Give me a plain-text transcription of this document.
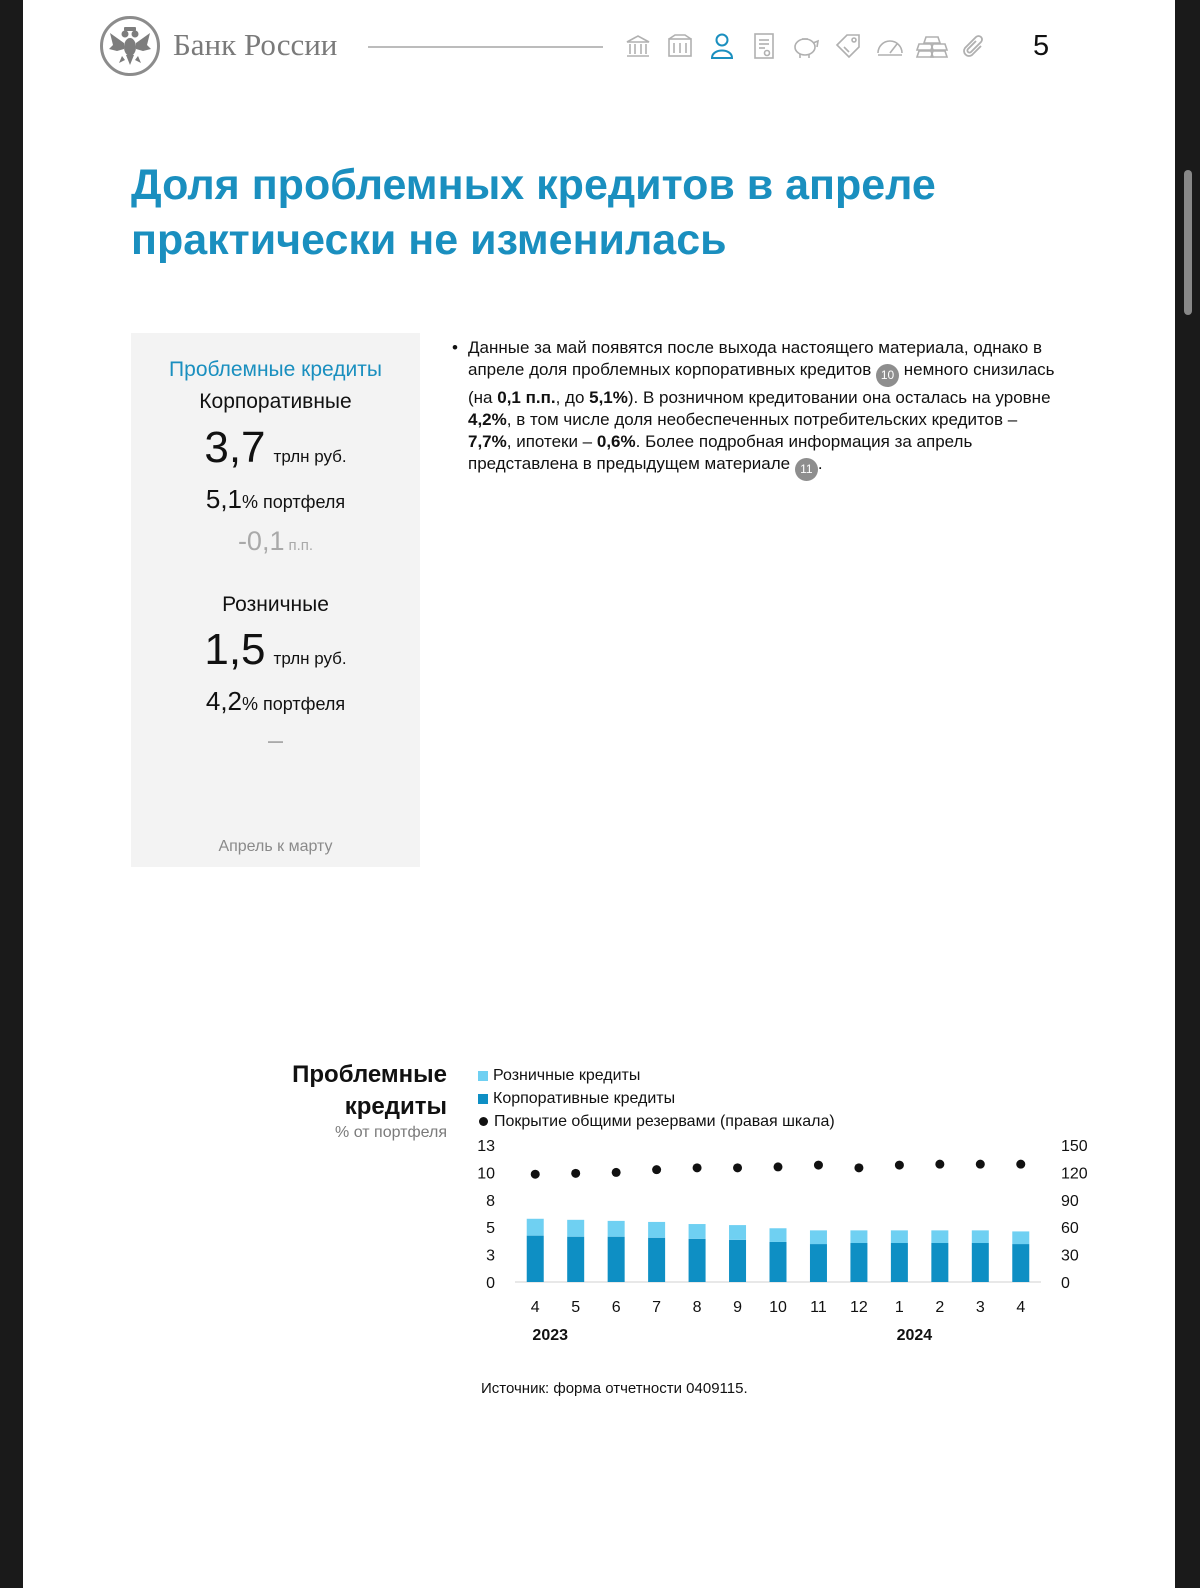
Банк России	5
Доля проблемных кредитов в апреле практически не изменилась
Проблемные кредиты
Корпоративные
3,7 трлн руб.
5,1% портфеля
-0,1 п.п.
Розничные
1,5 трлн руб.
4,2% портфеля
–
Апрель к марту
• Данные за май появятся после выхода настоящего материала, однако в апреле доля проблемных корпоративных кредитов 10 немного снизилась (на 0,1 п.п., до 5,1%). В розничном кредитовании она осталась на уровне 4,2%, в том числе доля необеспеченных потребительских кредитов – 7,7%, ипотеки – 0,6%. Более подробная информация за апрель представлена в предыдущем материале 11 .
Проблемные кредиты
% от портфеля
Розничные кредиты
Корпоративные кредиты
Покрытие общими резервами (правая шкала)
0
3
5
8
10
13
0
30
60
90
120
150
4 5 6 7 8 9 10 11 12 1 2 3 4
2023	2024
Источник: форма отчетности 0409115.
